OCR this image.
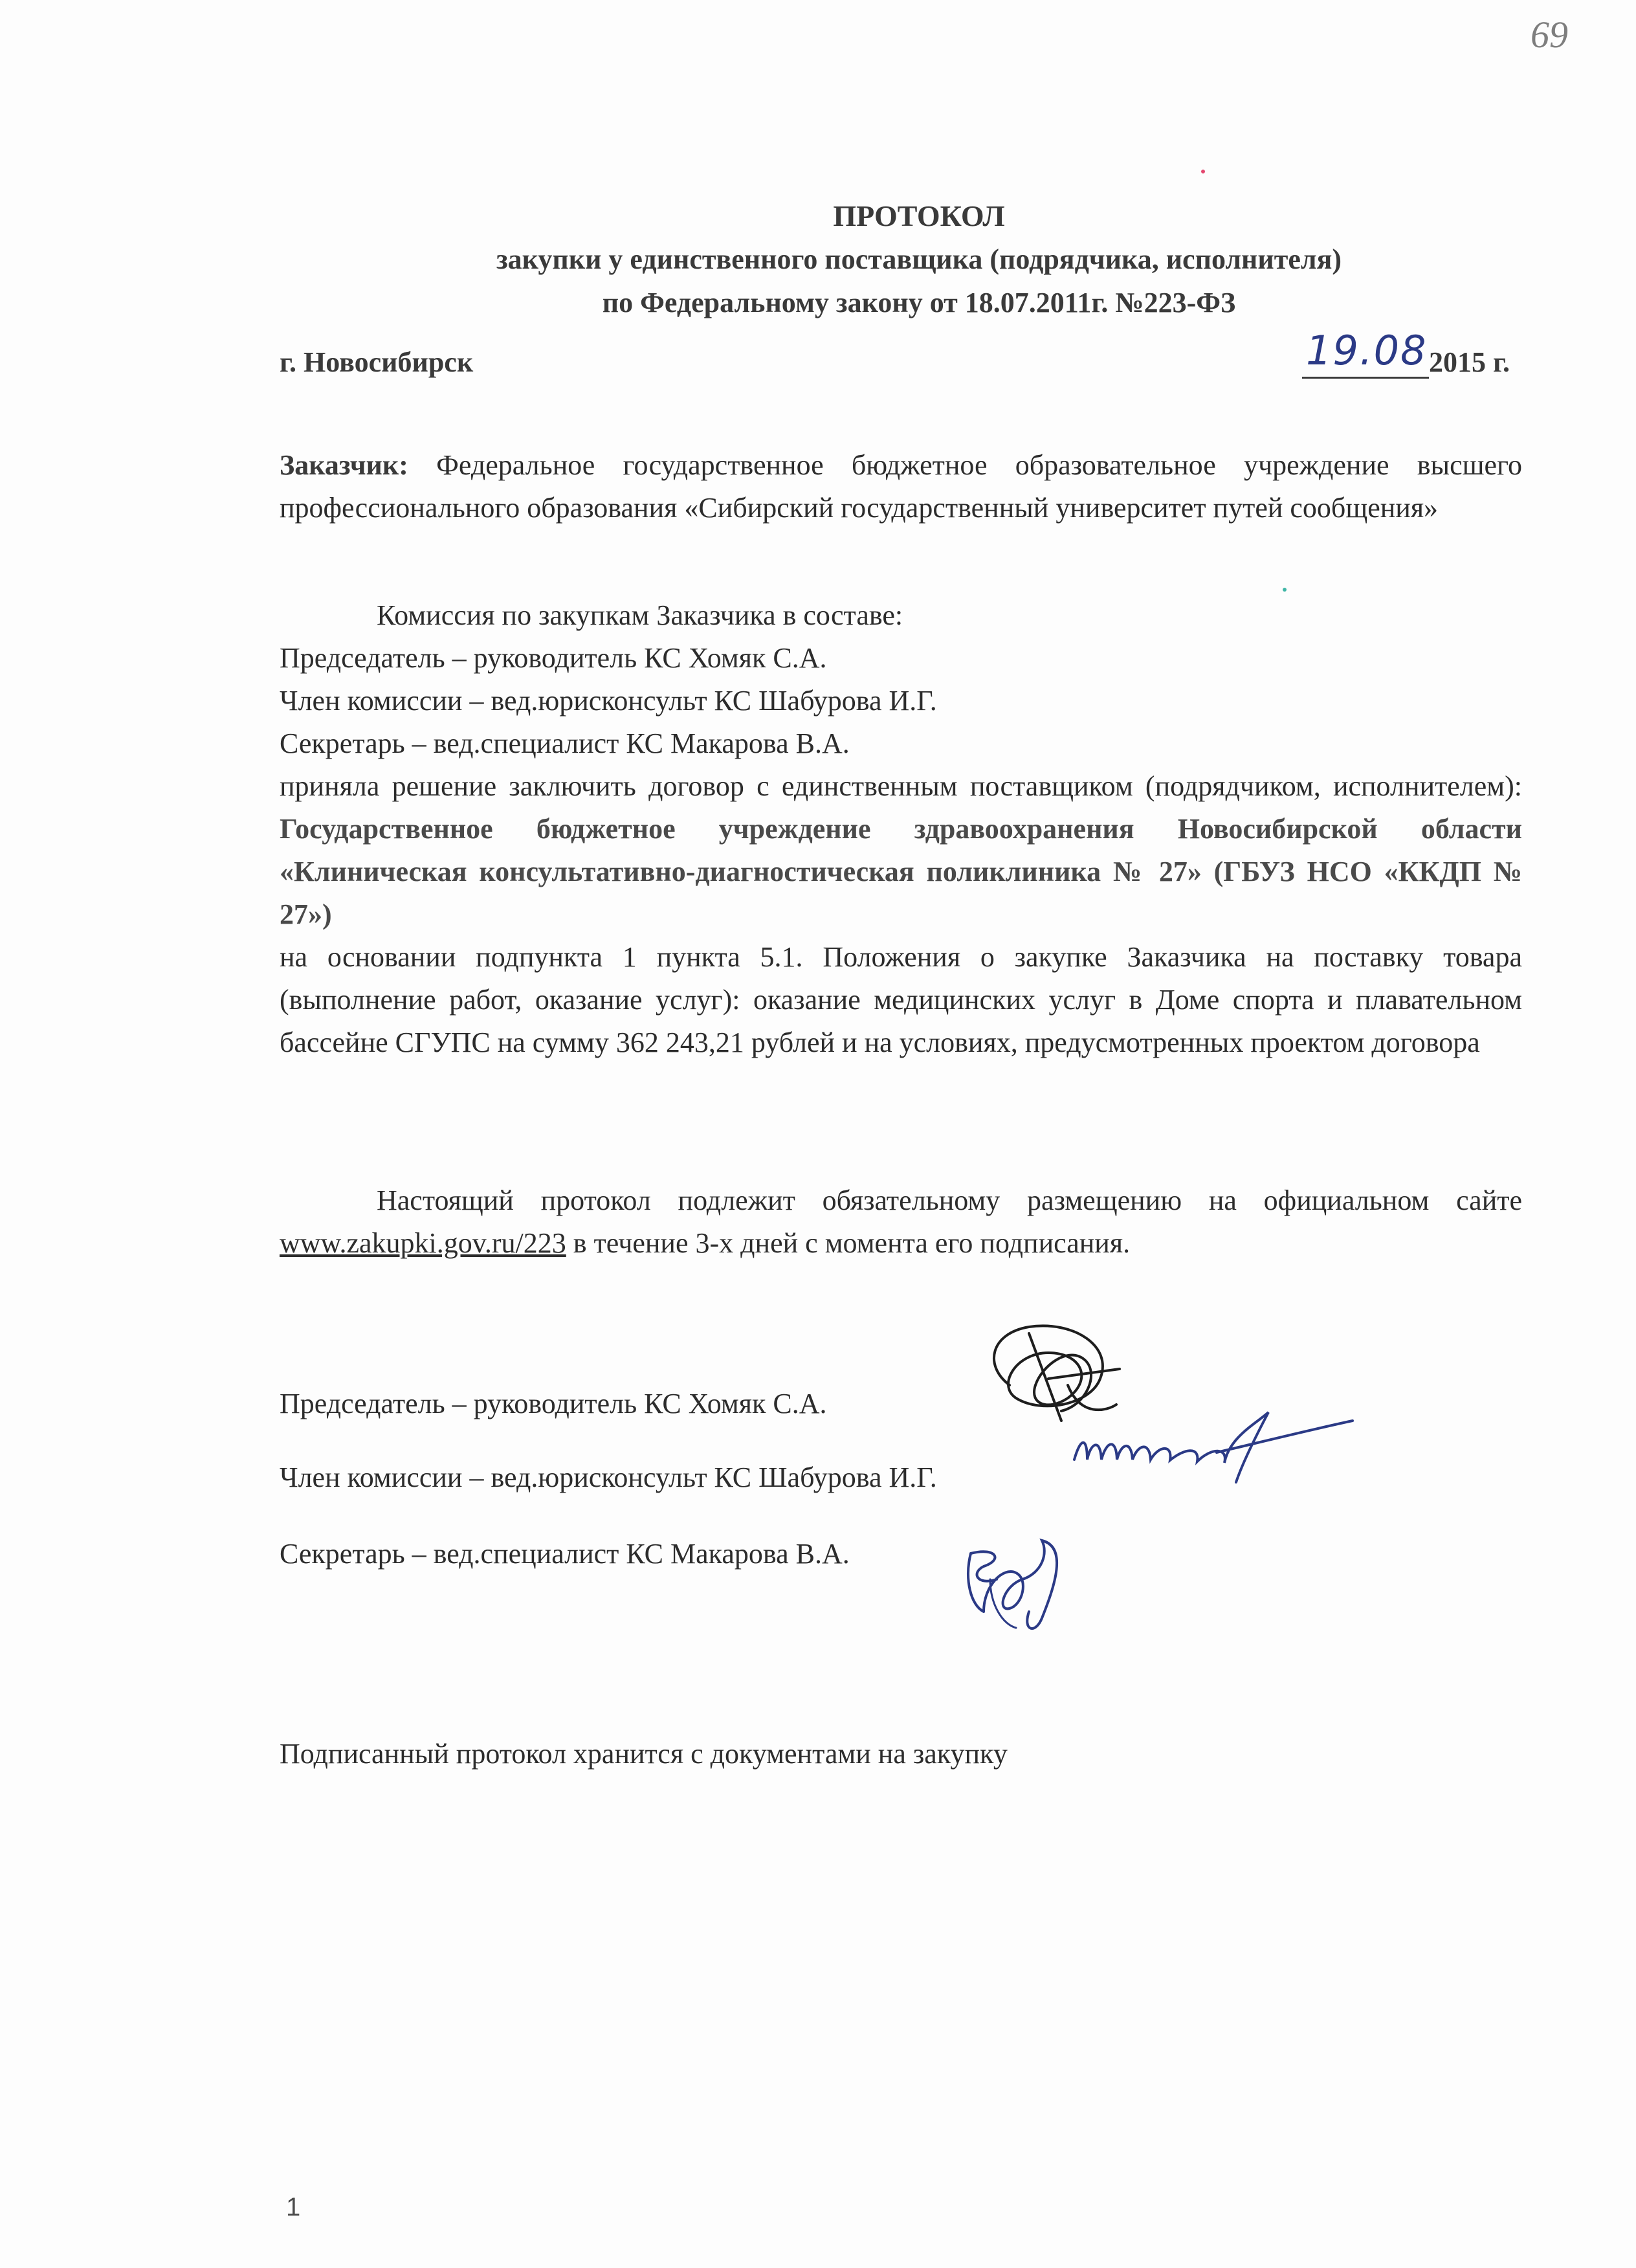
69
ПРОТОКОЛ
закупки у единственного поставщика (подрядчика, исполнителя)
по Федеральному закону от 18.07.2011г. №223-ФЗ
г. Новосибирск	19.08 2015 г.
Заказчик: Федеральное государственное бюджетное образовательное учреждение высшего профессионального образования «Сибирский государственный университет путей сообщения»
Комиссия по закупкам Заказчика в составе:
Председатель – руководитель КС Хомяк С.А.
Член комиссии – вед.юрисконсульт КС Шабурова И.Г.
Секретарь – вед.специалист КС Макарова В.А.
приняла решение заключить договор с единственным поставщиком (подрядчиком, исполнителем): Государственное бюджетное учреждение здравоохранения Новосибирской области «Клиническая консультативно-диагностическая поликлиника № 27» (ГБУЗ НСО «ККДП № 27»)
на основании подпункта 1 пункта 5.1. Положения о закупке Заказчика на поставку товара (выполнение работ, оказание услуг): оказание медицинских услуг в Доме спорта и плавательном бассейне СГУПС на сумму 362 243,21 рублей и на условиях, предусмотренных проектом договора
Настоящий протокол подлежит обязательному размещению на официальном сайте www.zakupki.gov.ru/223 в течение 3-х дней с момента его подписания.
Председатель – руководитель КС Хомяк С.А.
Член комиссии – вед.юрисконсульт КС Шабурова И.Г.
Секретарь – вед.специалист КС Макарова В.А.
Подписанный протокол хранится с документами на закупку
1
